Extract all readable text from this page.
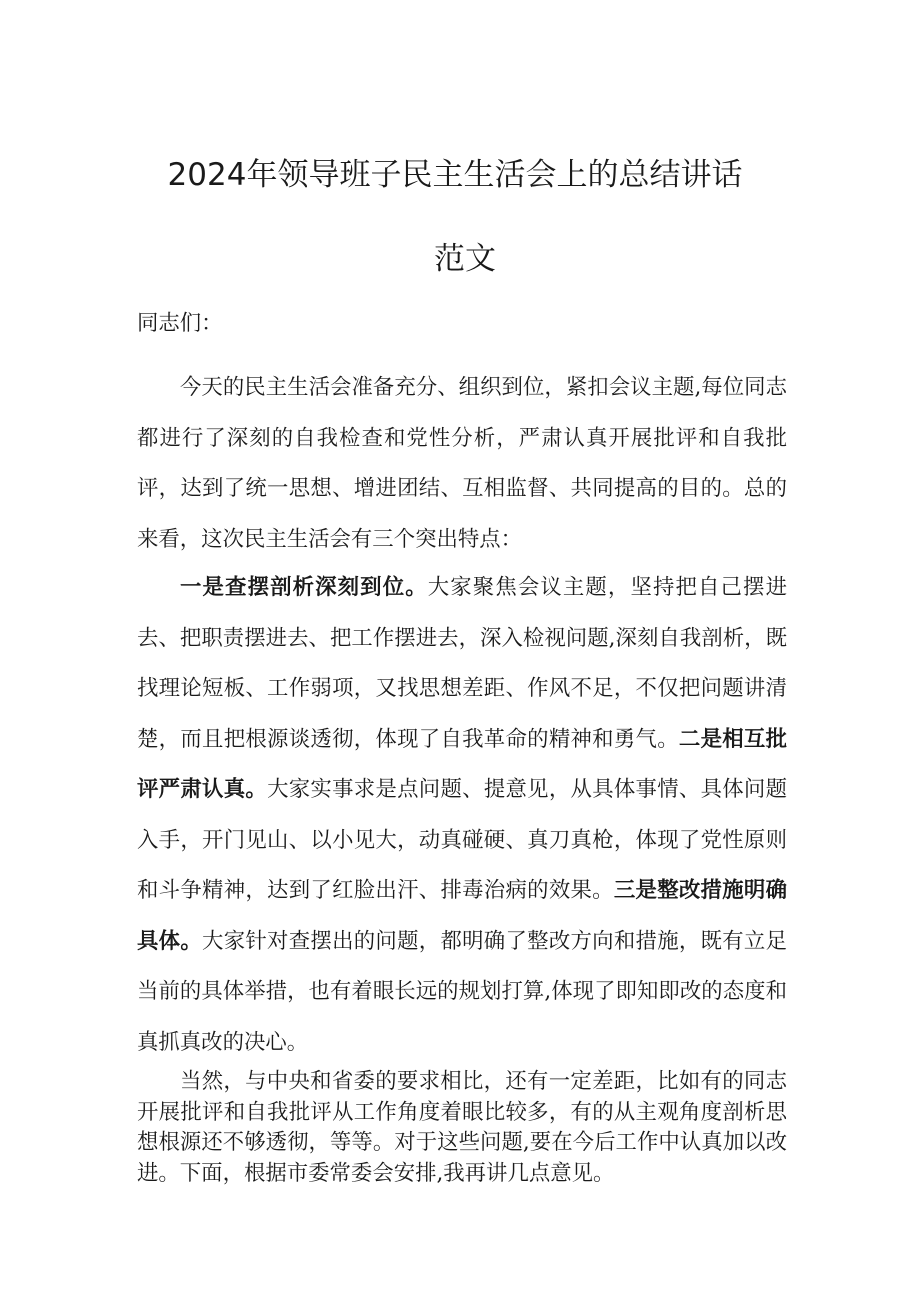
2024年领导班子民主生活会上的总结讲话
范文

同志们：

今天的民主生活会准备充分、组织到位，紧扣会议主题,每位同志都进行了深刻的自我检查和党性分析，严肃认真开展批评和自我批评，达到了统一思想、增进团结、互相监督、共同提高的目的。总的来看，这次民主生活会有三个突出特点：

一是查摆剖析深刻到位。大家聚焦会议主题，坚持把自己摆进去、把职责摆进去、把工作摆进去，深入检视问题,深刻自我剖析，既找理论短板、工作弱项，又找思想差距、作风不足，不仅把问题讲清楚，而且把根源谈透彻，体现了自我革命的精神和勇气。二是相互批评严肃认真。大家实事求是点问题、提意见，从具体事情、具体问题入手，开门见山、以小见大，动真碰硬、真刀真枪，体现了党性原则和斗争精神，达到了红脸出汗、排毒治病的效果。三是整改措施明确具体。大家针对查摆出的问题，都明确了整改方向和措施，既有立足当前的具体举措，也有着眼长远的规划打算,体现了即知即改的态度和真抓真改的决心。

当然，与中央和省委的要求相比，还有一定差距，比如有的同志开展批评和自我批评从工作角度着眼比较多，有的从主观角度剖析思想根源还不够透彻，等等。对于这些问题,要在今后工作中认真加以改进。下面，根据市委常委会安排,我再讲几点意见。
